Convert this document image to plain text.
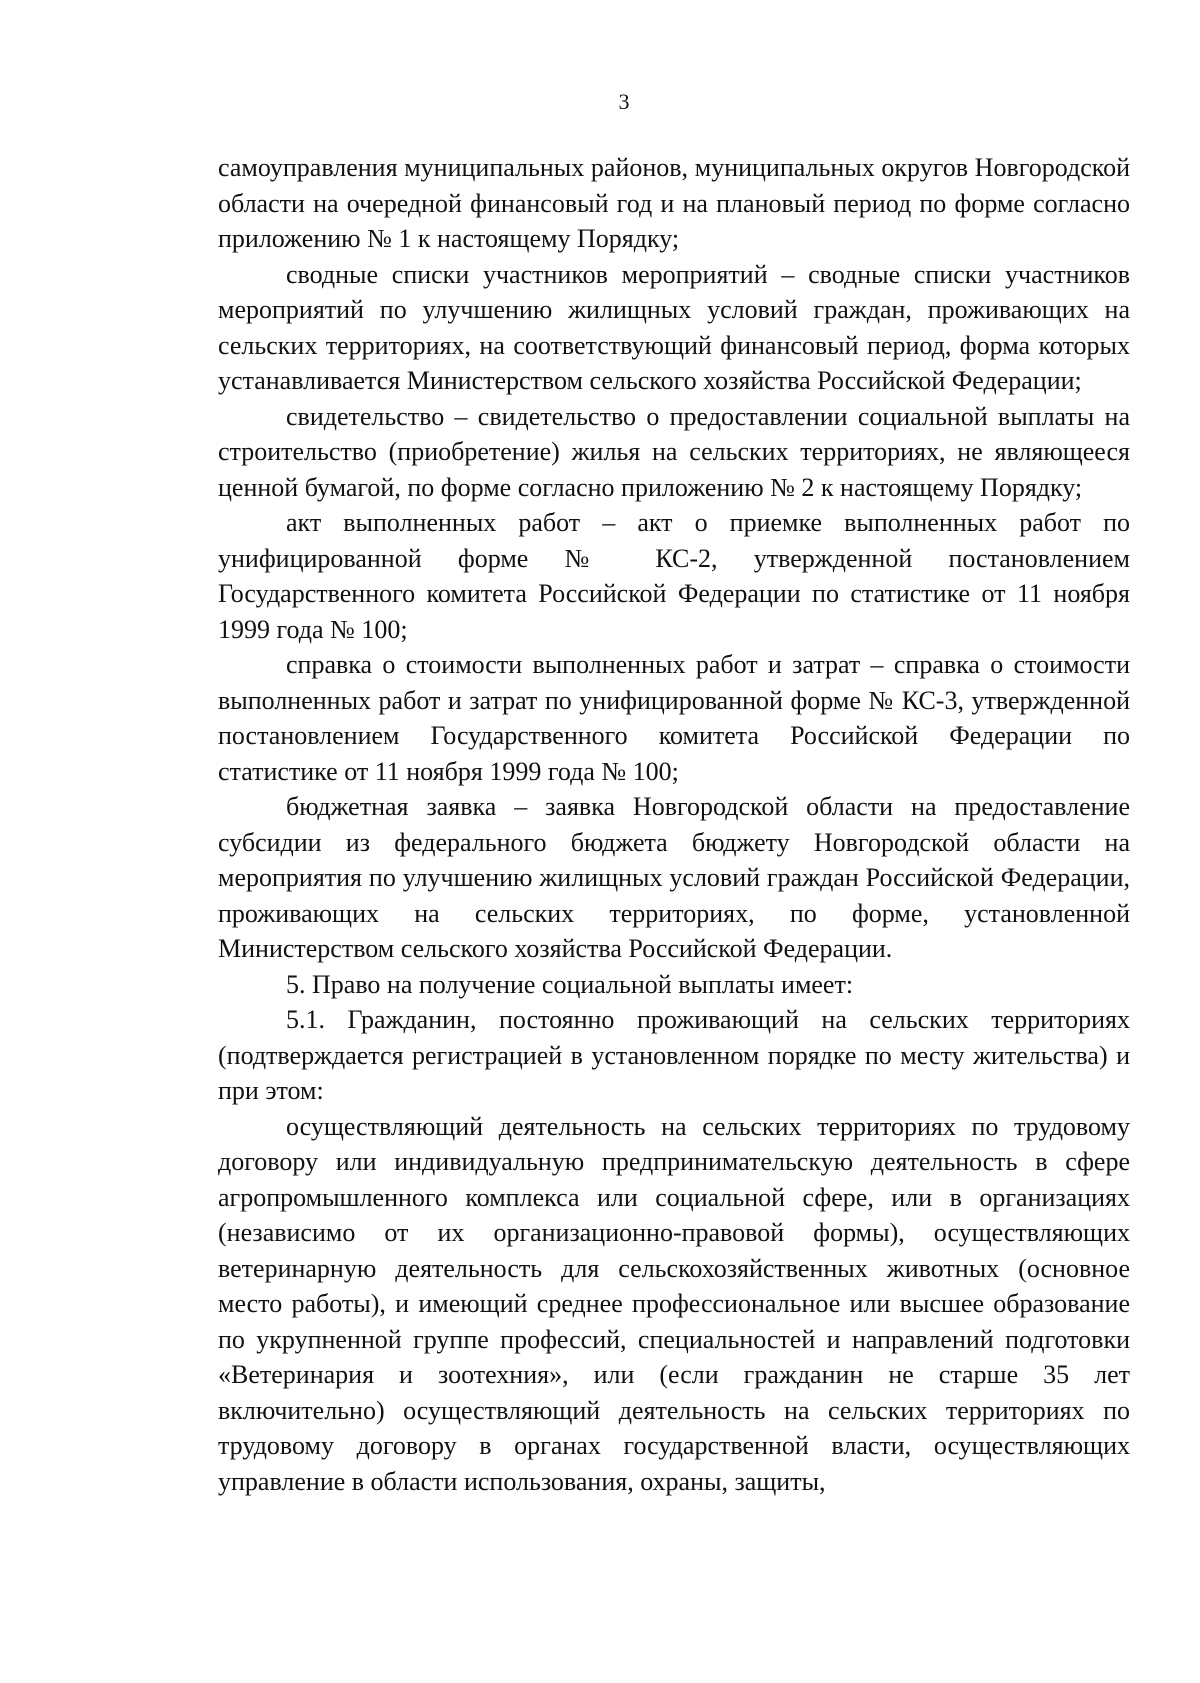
3

самоуправления муниципальных районов, муниципальных округов Новгородской области на очередной финансовый год и на плановый период по форме согласно приложению № 1 к настоящему Порядку;

сводные списки участников мероприятий – сводные списки участников мероприятий по улучшению жилищных условий граждан, проживающих на сельских территориях, на соответствующий финансовый период, форма которых устанавливается Министерством сельского хозяйства Российской Федерации;

свидетельство – свидетельство о предоставлении социальной выплаты на строительство (приобретение) жилья на сельских территориях, не являющееся ценной бумагой, по форме согласно приложению № 2 к настоящему Порядку;

акт выполненных работ – акт о приемке выполненных работ по унифицированной форме № КС-2, утвержденной постановлением Государственного комитета Российской Федерации по статистике от 11 ноября 1999 года № 100;

справка о стоимости выполненных работ и затрат – справка о стоимости выполненных работ и затрат по унифицированной форме № КС-3, утвержденной постановлением Государственного комитета Российской Федерации по статистике от 11 ноября 1999 года № 100;

бюджетная заявка – заявка Новгородской области на предоставление субсидии из федерального бюджета бюджету Новгородской области на мероприятия по улучшению жилищных условий граждан Российской Федерации, проживающих на сельских территориях, по форме, установленной Министерством сельского хозяйства Российской Федерации.

5. Право на получение социальной выплаты имеет:

5.1. Гражданин, постоянно проживающий на сельских территориях (подтверждается регистрацией в установленном порядке по месту жительства) и при этом:

осуществляющий деятельность на сельских территориях по трудовому договору или индивидуальную предпринимательскую деятельность в сфере агропромышленного комплекса или социальной сфере, или в организациях (независимо от их организационно-правовой формы), осуществляющих ветеринарную деятельность для сельскохозяйственных животных (основное место работы), и имеющий среднее профессиональное или высшее образование по укрупненной группе профессий, специальностей и направлений подготовки «Ветеринария и зоотехния», или (если гражданин не старше 35 лет включительно) осуществляющий деятельность на сельских территориях по трудовому договору в органах государственной власти, осуществляющих управление в области использования, охраны, защиты,
